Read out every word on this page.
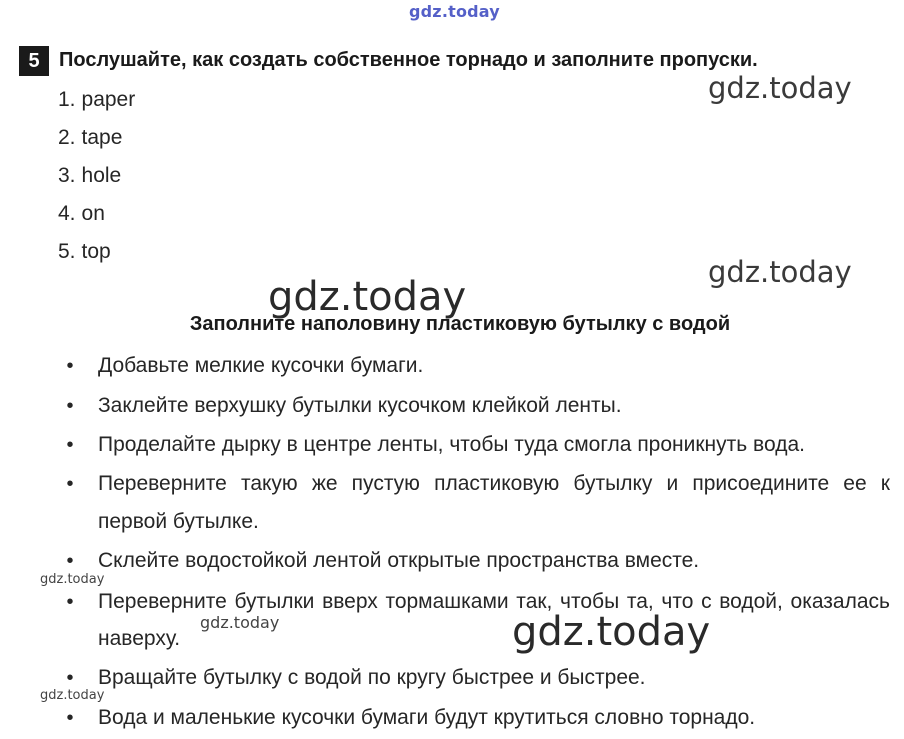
gdz.today
gdz.today
gdz.today
gdz.today
gdz.today
gdz.today
gdz.today
gdz.today
5 Послушайте, как создать собственное торнадо и заполните пропуски.
1. paper
2. tape
3. hole
4. on
5. top
Заполните наполовину пластиковую бутылку с водой
•	Добавьте мелкие кусочки бумаги.
•	Заклейте верхушку бутылки кусочком клейкой ленты.
•	Проделайте дырку в центре ленты, чтобы туда смогла проникнуть вода.
•	Переверните такую же пустую пластиковую бутылку и присоедините ее к первой бутылке.
•	Склейте водостойкой лентой открытые пространства вместе.
•	Переверните бутылки вверх тормашками так, чтобы та, что с водой, оказалась наверху.
•	Вращайте бутылку с водой по кругу быстрее и быстрее.
•	Вода и маленькие кусочки бумаги будут крутиться словно торнадо.
